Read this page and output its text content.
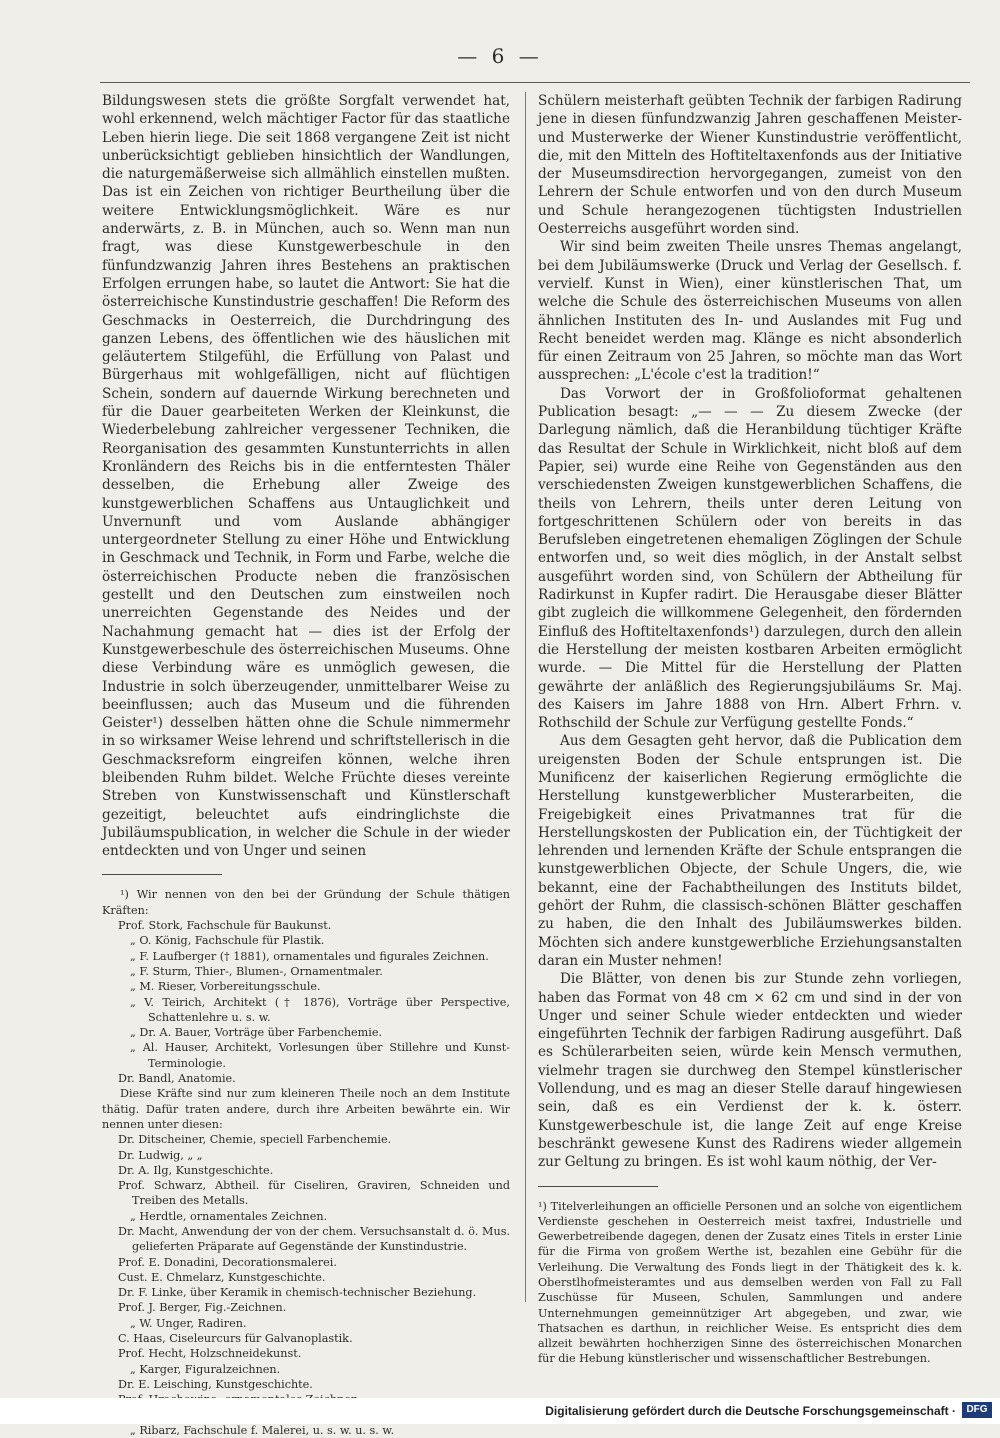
— 6 —

Bildungswesen stets die größte Sorgfalt verwendet hat, wohl erkennend, welch mächtiger Factor für das staatliche Leben hierin liege. Die seit 1868 vergangene Zeit ist nicht unberücksichtigt geblieben hinsichtlich der Wandlungen, die naturgemäßerweise sich allmählich einstellen mußten. Das ist ein Zeichen von richtiger Beurtheilung über die weitere Entwicklungsmöglichkeit. Wäre es nur anderwärts, z. B. in München, auch so. Wenn man nun fragt, was diese Kunstgewerbeschule in den fünfundzwanzig Jahren ihres Bestehens an praktischen Erfolgen errungen habe, so lautet die Antwort: Sie hat die österreichische Kunstindustrie geschaffen! Die Reform des Geschmacks in Oesterreich, die Durchdringung des ganzen Lebens, des öffentlichen wie des häuslichen mit geläutertem Stilgefühl, die Erfüllung von Palast und Bürgerhaus mit wohlgefälligen, nicht auf flüchtigen Schein, sondern auf dauernde Wirkung berechneten und für die Dauer gearbeiteten Werken der Kleinkunst, die Wiederbelebung zahlreicher vergessener Techniken, die Reorganisation des gesammten Kunstunterrichts in allen Kronländern des Reichs bis in die entferntesten Thäler desselben, die Erhebung aller Zweige des kunstgewerblichen Schaffens aus Untauglichkeit und Unvernunft und vom Auslande abhängiger untergeordneter Stellung zu einer Höhe und Entwicklung in Geschmack und Technik, in Form und Farbe, welche die österreichischen Producte neben die französischen gestellt und den Deutschen zum einstweilen noch unerreichten Gegenstande des Neides und der Nachahmung gemacht hat — dies ist der Erfolg der Kunstgewerbeschule des österreichischen Museums. Ohne diese Verbindung wäre es unmöglich gewesen, die Industrie in solch überzeugender, unmittelbarer Weise zu beeinflussen; auch das Museum und die führenden Geister¹) desselben hätten ohne die Schule nimmermehr in so wirksamer Weise lehrend und schriftstellerisch in die Geschmacksreform eingreifen können, welche ihren bleibenden Ruhm bildet. Welche Früchte dieses vereinte Streben von Kunstwissenschaft und Künstlerschaft gezeitigt, beleuchtet aufs eindringlichste die Jubiläumspublication, in welcher die Schule in der wieder entdeckten und von Unger und seinen

¹) Wir nennen von den bei der Gründung der Schule thätigen Kräften:

Prof. Stork, Fachschule für Baukunst.
„ O. König, Fachschule für Plastik.
„ F. Laufberger († 1881), ornamentales und figurales Zeichnen.
„ F. Sturm, Thier-, Blumen-, Ornamentmaler.
„ M. Rieser, Vorbereitungsschule.
„ V. Teirich, Architekt († 1876), Vorträge über Perspective, Schattenlehre u. s. w.
„ Dr. A. Bauer, Vorträge über Farbenchemie.
„ Al. Hauser, Architekt, Vorlesungen über Stillehre und Kunst-Terminologie.
Dr. Bandl, Anatomie.

Diese Kräfte sind nur zum kleineren Theile noch an dem Institute thätig. Dafür traten andere, durch ihre Arbeiten bewährte ein. Wir nennen unter diesen:

Dr. Ditscheiner, Chemie, speciell Farbenchemie.
Dr. Ludwig, „ „
Dr. A. Ilg, Kunstgeschichte.
Prof. Schwarz, Abtheil. für Ciseliren, Graviren, Schneiden und Treiben des Metalls.
„ Herdtle, ornamentales Zeichnen.
Dr. Macht, Anwendung der von der chem. Versuchsanstalt d. ö. Mus. gelieferten Präparate auf Gegenstände der Kunstindustrie.
Prof. E. Donadini, Decorationsmalerei.
Cust. E. Chmelarz, Kunstgeschichte.
Dr. F. Linke, über Keramik in chemisch-technischer Beziehung.
Prof. J. Berger, Fig.-Zeichnen.
„ W. Unger, Radiren.
C. Haas, Ciseleurcurs für Galvanoplastik.
Prof. Hecht, Holzschneidekunst.
„ Karger, Figuralzeichnen.
Dr. E. Leisching, Kunstgeschichte.
„ Ribarz, Fachschule f. Malerei, u. s. w. u. s. w.

Schülern meisterhaft geübten Technik der farbigen Radirung jene in diesen fünfundzwanzig Jahren geschaffenen Meister- und Musterwerke der Wiener Kunstindustrie veröffentlicht, die, mit den Mitteln des Hoftiteltaxenfonds aus der Initiative der Museumsdirection hervorgegangen, zumeist von den Lehrern der Schule entworfen und von den durch Museum und Schule herangezogenen tüchtigsten Industriellen Oesterreichs ausgeführt worden sind.

Wir sind beim zweiten Theile unsres Themas angelangt, bei dem Jubiläumswerke (Druck und Verlag der Gesellsch. f. vervielf. Kunst in Wien), einer künstlerischen That, um welche die Schule des österreichischen Museums von allen ähnlichen Instituten des In- und Auslandes mit Fug und Recht beneidet werden mag. Klänge es nicht absonderlich für einen Zeitraum von 25 Jahren, so möchte man das Wort aussprechen: „L'école c'est la tradition!“

Das Vorwort der in Großfolioformat gehaltenen Publication besagt: „— — — Zu diesem Zwecke (der Darlegung nämlich, daß die Heranbildung tüchtiger Kräfte das Resultat der Schule in Wirklichkeit, nicht bloß auf dem Papier, sei) wurde eine Reihe von Gegenständen aus den verschiedensten Zweigen kunstgewerblichen Schaffens, die theils von Lehrern, theils unter deren Leitung von fortgeschrittenen Schülern oder von bereits in das Berufsleben eingetretenen ehemaligen Zöglingen der Schule entworfen und, so weit dies möglich, in der Anstalt selbst ausgeführt worden sind, von Schülern der Abtheilung für Radirkunst in Kupfer radirt. Die Herausgabe dieser Blätter gibt zugleich die willkommene Gelegenheit, den fördernden Einfluß des Hoftiteltaxenfonds¹) darzulegen, durch den allein die Herstellung der meisten kostbaren Arbeiten ermöglicht wurde. — Die Mittel für die Herstellung der Platten gewährte der anläßlich des Regierungsjubiläums Sr. Maj. des Kaisers im Jahre 1888 von Hrn. Albert Frhrn. v. Rothschild der Schule zur Verfügung gestellte Fonds.“

Aus dem Gesagten geht hervor, daß die Publication dem ureigensten Boden der Schule entsprungen ist. Die Munificenz der kaiserlichen Regierung ermöglichte die Herstellung kunstgewerblicher Musterarbeiten, die Freigebigkeit eines Privatmannes trat für die Herstellungskosten der Publication ein, der Tüchtigkeit der lehrenden und lernenden Kräfte der Schule entsprangen die kunstgewerblichen Objecte, der Schule Ungers, die, wie bekannt, eine der Fachabtheilungen des Instituts bildet, gehört der Ruhm, die classisch-schönen Blätter geschaffen zu haben, die den Inhalt des Jubiläumswerkes bilden. Möchten sich andere kunstgewerbliche Erziehungsanstalten daran ein Muster nehmen!

Die Blätter, von denen bis zur Stunde zehn vorliegen, haben das Format von 48 cm × 62 cm und sind in der von Unger und seiner Schule wieder entdeckten und wieder eingeführten Technik der farbigen Radirung ausgeführt. Daß es Schülerarbeiten seien, würde kein Mensch vermuthen, vielmehr tragen sie durchweg den Stempel künstlerischer Vollendung, und es mag an dieser Stelle darauf hingewiesen sein, daß es ein Verdienst der k. k. österr. Kunstgewerbeschule ist, die lange Zeit auf enge Kreise beschränkt gewesene Kunst des Radirens wieder allgemein zur Geltung zu bringen. Es ist wohl kaum nöthig, der Ver-

¹) Titelverleihungen an officielle Personen und an solche von eigentlichem Verdienste geschehen in Oesterreich meist taxfrei, Industrielle und Gewerbetreibende dagegen, denen der Zusatz eines Titels in erster Linie für die Firma von großem Werthe ist, bezahlen eine Gebühr für die Verleihung. Die Verwaltung des Fonds liegt in der Thätigkeit des k. k. Oberstlhofmeisteramtes und aus demselben werden von Fall zu Fall Zuschüsse für Museen, Schulen, Sammlungen und andere Unternehmungen gemeinnütziger Art abgegeben, und zwar, wie Thatsachen es darthun, in reichlicher Weise. Es entspricht dies dem allzeit bewährten hochherzigen Sinne des österreichischen Monarchen für die Hebung künstlerischer und wissenschaftlicher Bestrebungen.

Digitalisierung gefördert durch die Deutsche Forschungsgemeinschaft ·	DFG
